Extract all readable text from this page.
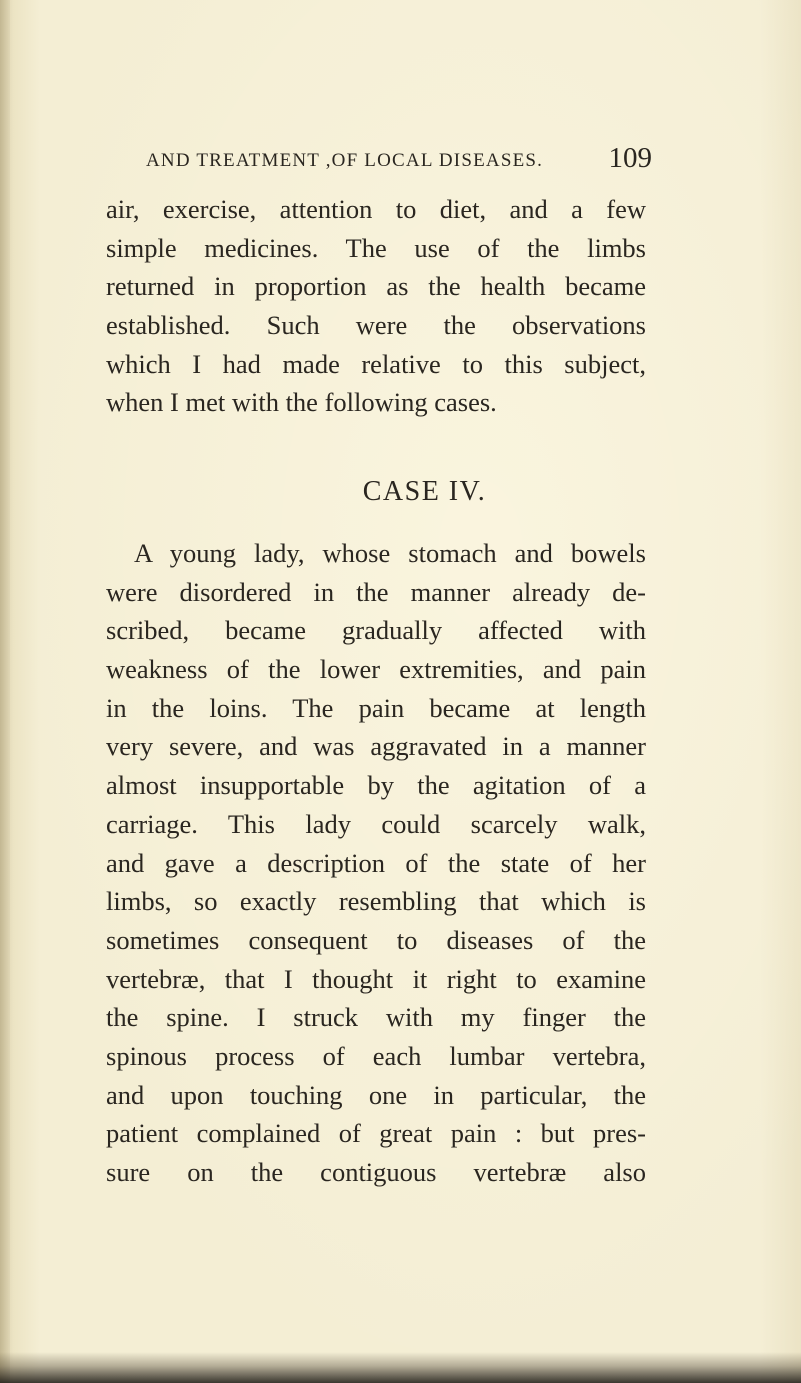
AND TREATMENT ,OF LOCAL DISEASES. 109
air, exercise, attention to diet, and a few
simple medicines. The use of the limbs
returned in proportion as the health became
established. Such were the observations
which I had made relative to this subject,
when I met with the following cases.
CASE IV.
A young lady, whose stomach and bowels
were disordered in the manner already de-
scribed, became gradually affected with
weakness of the lower extremities, and pain
in the loins. The pain became at length
very severe, and was aggravated in a manner
almost insupportable by the agitation of a
carriage. This lady could scarcely walk,
and gave a description of the state of her
limbs, so exactly resembling that which is
sometimes consequent to diseases of the
vertebræ, that I thought it right to examine
the spine. I struck with my finger the
spinous process of each lumbar vertebra,
and upon touching one in particular, the
patient complained of great pain : but pres-
sure on the contiguous vertebræ also
